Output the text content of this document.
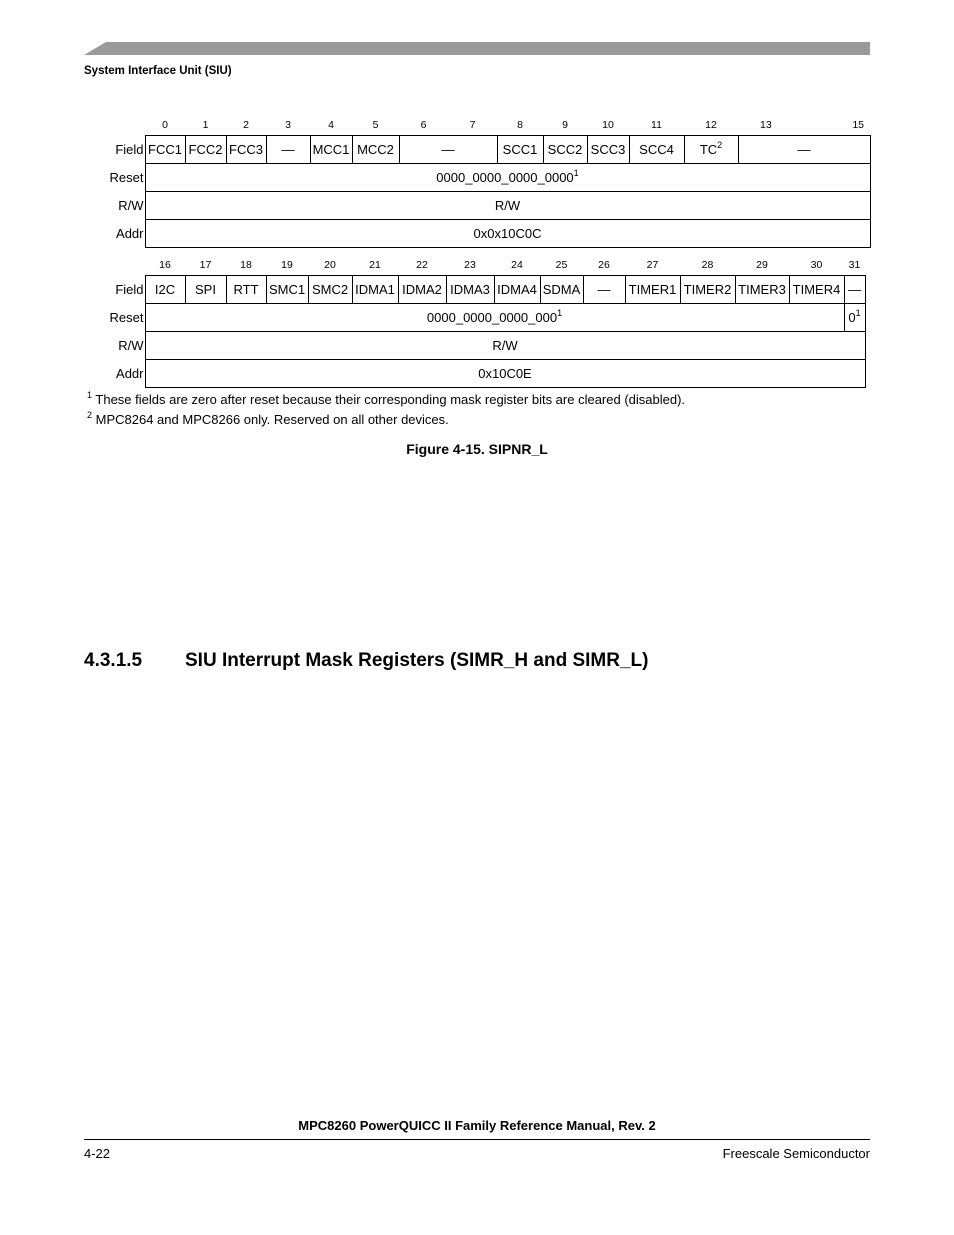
System Interface Unit (SIU)
	0	1	2	3	4	5	6 7	8	9	10	11	12	13 15
Field	FCC1	FCC2	FCC3	—	MCC1	MCC2	—	SCC1	SCC2	SCC3	SCC4	$TC^2$	—
Reset	0000_0000_0000_0000$^1$
R/W	R/W												
Addr	0x0x10C0C												
	16	17	18	19	20	21	22	23	24	25	26	27	28	29	30	31
Field	I2C	SPI	RTT	SMC1	SMC2	IDMA1	IDMA2	IDMA3	IDMA4	SDMA	—	TIMER1	TIMER2	TIMER3	TIMER4	—
Reset	$0000\_0000\_0000\_000^1$															$0^1$
R/W	R/W															
Addr	0x10C0E															
$^1$ These fields are zero after reset because their corresponding mask register bits are cleared (disabled).
$^2$ MPC8264 and MPC8266 only. Reserved on all other devices.
Figure 4-15. SIPNR_L
4.3.1.5 SIU Interrupt Mask Registers (SIMR_H and SIMR_L)
MPC8260 PowerQUICC II Family Reference Manual, Rev. 2
4-22	Freescale Semiconductor
